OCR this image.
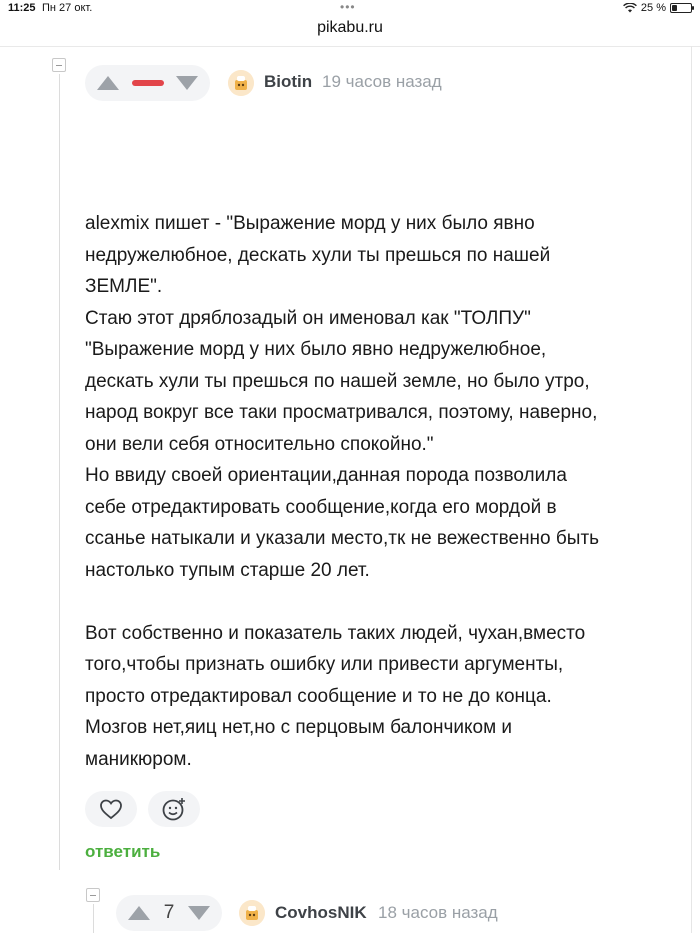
11:25 Пн 27 окт.	•••	25 %
pikabu.ru
Biotin 19 часов назад

alexmix пишет - "Выражение морд у них было явно

недружелюбное, дескать хули ты прешься по нашей

ЗЕМЛЕ".

Стаю этот дряблозадый он именовал как "ТОЛПУ"

"Выражение морд у них было явно недружелюбное,

дескать хули ты прешься по нашей земле, но было утро,

народ вокруг все таки просматривался, поэтому, наверно,

они вели себя относительно спокойно."

Но ввиду своей ориентации,данная порода позволила

себе отредактировать сообщение,когда его мордой в

ссанье натыкали и указали место,тк не вежественно быть

настолько тупым старше 20 лет.

Вот собственно и показатель таких людей, чухан,вместо

того,чтобы признать ошибку или привести аргументы,

просто отредактировал сообщение и то не до конца.

Мозгов нет,яиц нет,но с перцовым балончиком и

маникюром.

ответить
7	CovhosNIK 18 часов назад
